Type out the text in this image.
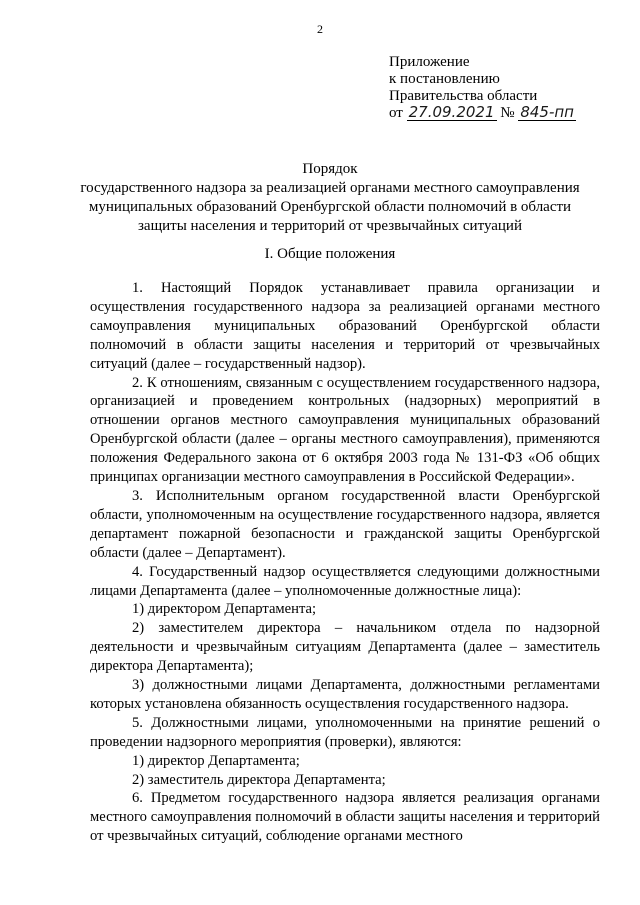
2
Приложение
к постановлению
Правительства области
от 27.09.2021 № 845-пп
Порядок
государственного надзора за реализацией органами местного самоуправления
муниципальных образований Оренбургской области полномочий в области
защиты населения и территорий от чрезвычайных ситуаций
I. Общие положения

1. Настоящий Порядок устанавливает правила организации и осуществления государственного надзора за реализацией органами местного самоуправления муниципальных образований Оренбургской области полномочий в области защиты населения и территорий от чрезвычайных ситуаций (далее – государственный надзор).

2. К отношениям, связанным с осуществлением государственного надзора, организацией и проведением контрольных (надзорных) мероприятий в отношении органов местного самоуправления муниципальных образований Оренбургской области (далее – органы местного самоуправления), применяются положения Федерального закона от 6 октября 2003 года № 131-ФЗ «Об общих принципах организации местного самоуправления в Российской Федерации».

3. Исполнительным органом государственной власти Оренбургской области, уполномоченным на осуществление государственного надзора, является департамент пожарной безопасности и гражданской защиты Оренбургской области (далее – Департамент).

4. Государственный надзор осуществляется следующими должностными лицами Департамента (далее – уполномоченные должностные лица):

1) директором Департамента;

2) заместителем директора – начальником отдела по надзорной деятельности и чрезвычайным ситуациям Департамента (далее – заместитель директора Департамента);

3) должностными лицами Департамента, должностными регламентами которых установлена обязанность осуществления государственного надзора.

5. Должностными лицами, уполномоченными на принятие решений о проведении надзорного мероприятия (проверки), являются:

1) директор Департамента;

2) заместитель директора Департамента;

6. Предметом государственного надзора является реализация органами местного самоуправления полномочий в области защиты населения и территорий от чрезвычайных ситуаций, соблюдение органами местного
